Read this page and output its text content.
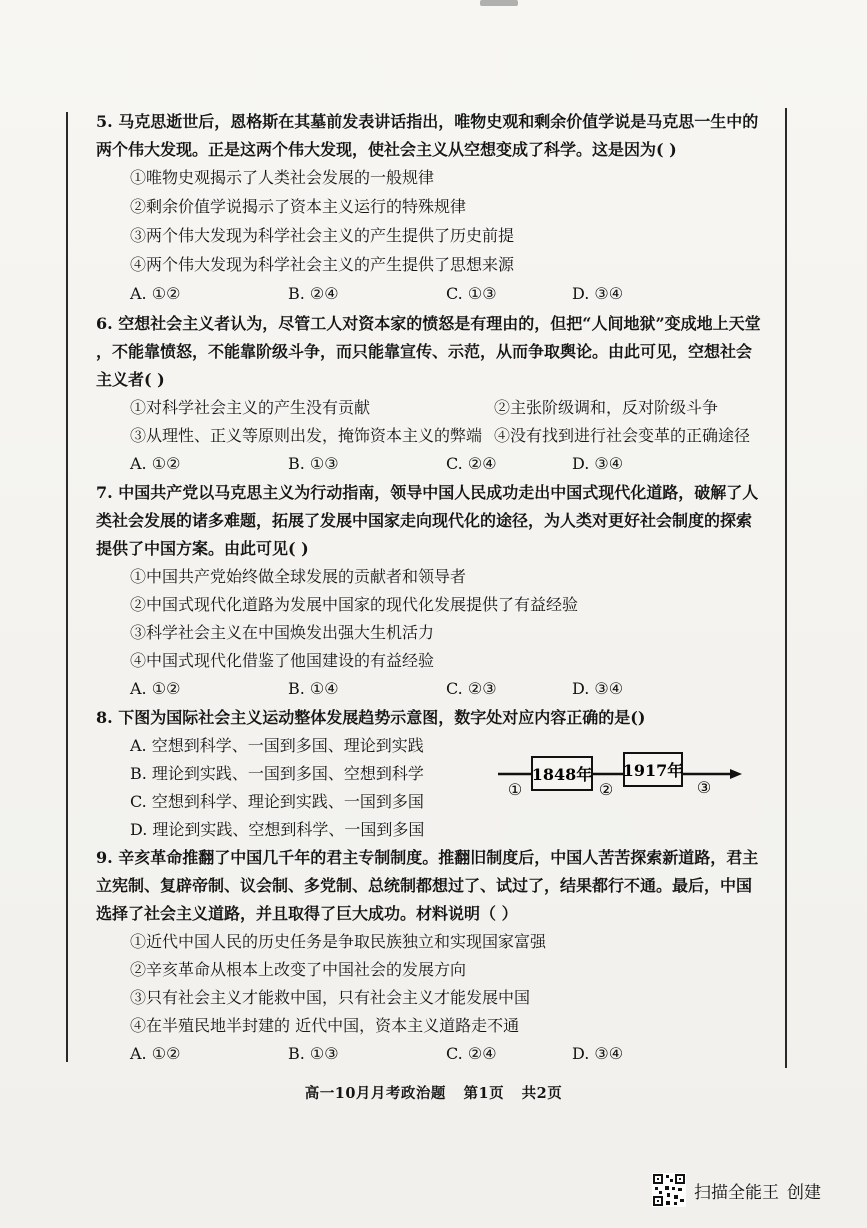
5. 马克思逝世后，恩格斯在其墓前发表讲话指出，唯物史观和剩余价值学说是马克思一生中的
两个伟大发现。正是这两个伟大发现，使社会主义从空想变成了科学。这是因为( )
①唯物史观揭示了人类社会发展的一般规律
②剩余价值学说揭示了资本主义运行的特殊规律
③两个伟大发现为科学社会主义的产生提供了历史前提
④两个伟大发现为科学社会主义的产生提供了思想来源
A. ①②	B. ②④	C. ①③	D. ③④
6. 空想社会主义者认为，尽管工人对资本家的愤怒是有理由的，但把“人间地狱”变成地上天堂
，不能靠愤怒，不能靠阶级斗争，而只能靠宣传、示范，从而争取舆论。由此可见，空想社会
主义者( )
①对科学社会主义的产生没有贡献	②主张阶级调和，反对阶级斗争
③从理性、正义等原则出发，掩饰资本主义的弊端 ④没有找到进行社会变革的正确途径
A. ①②	B. ①③	C. ②④	D. ③④
7. 中国共产党以马克思主义为行动指南，领导中国人民成功走出中国式现代化道路，破解了人
类社会发展的诸多难题，拓展了发展中国家走向现代化的途径，为人类对更好社会制度的探索
提供了中国方案。由此可见( )
①中国共产党始终做全球发展的贡献者和领导者
②中国式现代化道路为发展中国家的现代化发展提供了有益经验
③科学社会主义在中国焕发出强大生机活力
④中国式现代化借鉴了他国建设的有益经验
A. ①②	B. ①④	C. ②③	D. ③④
8. 下图为国际社会主义运动整体发展趋势示意图，数字处对应内容正确的是()
A. 空想到科学、一国到多国、理论到实践
B. 理论到实践、一国到多国、空想到科学
C. 空想到科学、理论到实践、一国到多国
D. 理论到实践、空想到科学、一国到多国
1848年 1917年
①	②	③
9. 辛亥革命推翻了中国几千年的君主专制制度。推翻旧制度后，中国人苦苦探索新道路，君主
立宪制、复辟帝制、议会制、多党制、总统制都想过了、试过了，结果都行不通。最后，中国
选择了社会主义道路，并且取得了巨大成功。材料说明（ ）
①近代中国人民的历史任务是争取民族独立和实现国家富强
②辛亥革命从根本上改变了中国社会的发展方向
③只有社会主义才能救中国，只有社会主义才能发展中国
④在半殖民地半封建的 近代中国，资本主义道路走不通
A. ①②	B. ①③	C. ②④	D. ③④
高一10月月考政治题 第1页 共2页
扫描全能王 创建
